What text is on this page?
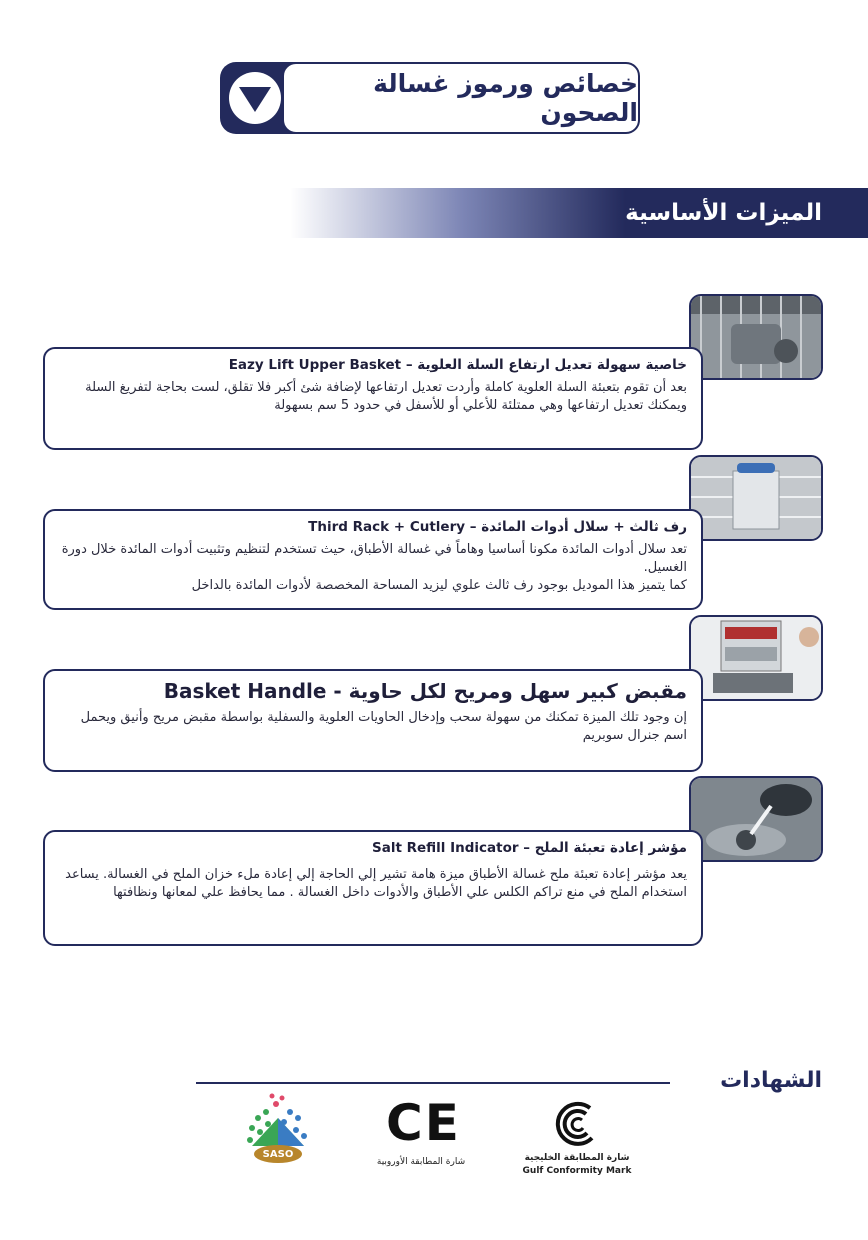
خصائص ورموز غسالة الصحون
الميزات الأساسية

خاصية سهولة تعديل ارتفاع السلة العلوية – Eazy Lift Upper Basket

بعد أن تقوم بتعبئة السلة العلوية كاملة وأردت تعديل ارتفاعها لإضافة شئ أكبر فلا تقلق، لست بحاجة لتفريغ السلة ويمكنك تعديل ارتفاعها وهي ممتلئة للأعلي أو للأسفل في حدود 5 سم بسهولة

رف ثالث + سلال أدوات المائدة – Third Rack + Cutlery

تعد سلال أدوات المائدة مكونا أساسيا وهاماً في غسالة الأطباق، حيث تستخدم لتنظيم وتثبيت أدوات المائدة خلال دورة الغسيل.

كما يتميز هذا الموديل بوجود رف ثالث علوي ليزيد المساحة المخصصة لأدوات المائدة بالداخل

مقبض كبير سهل ومريح لكل حاوية - Basket Handle

إن وجود تلك الميزة تمكنك من سهولة سحب وإدخال الحاويات العلوية والسفلية بواسطة مقبض مريح وأنيق ويحمل اسم جنرال سوبريم

مؤشر إعادة تعبئة الملح – Salt Refill Indicator

يعد مؤشر إعادة تعبئة ملح غسالة الأطباق ميزة هامة تشير إلي الحاجة إلي إعادة ملء خزان الملح في الغسالة. يساعد استخدام الملح في منع تراكم الكلس علي الأطباق والأدوات داخل الغسالة . مما يحافظ علي لمعانها ونظافتها

الشهادات
شارة المطابقة الخليجية
Gulf Conformity Mark
CE
شارة المطابقة الأوروبية
SASO
